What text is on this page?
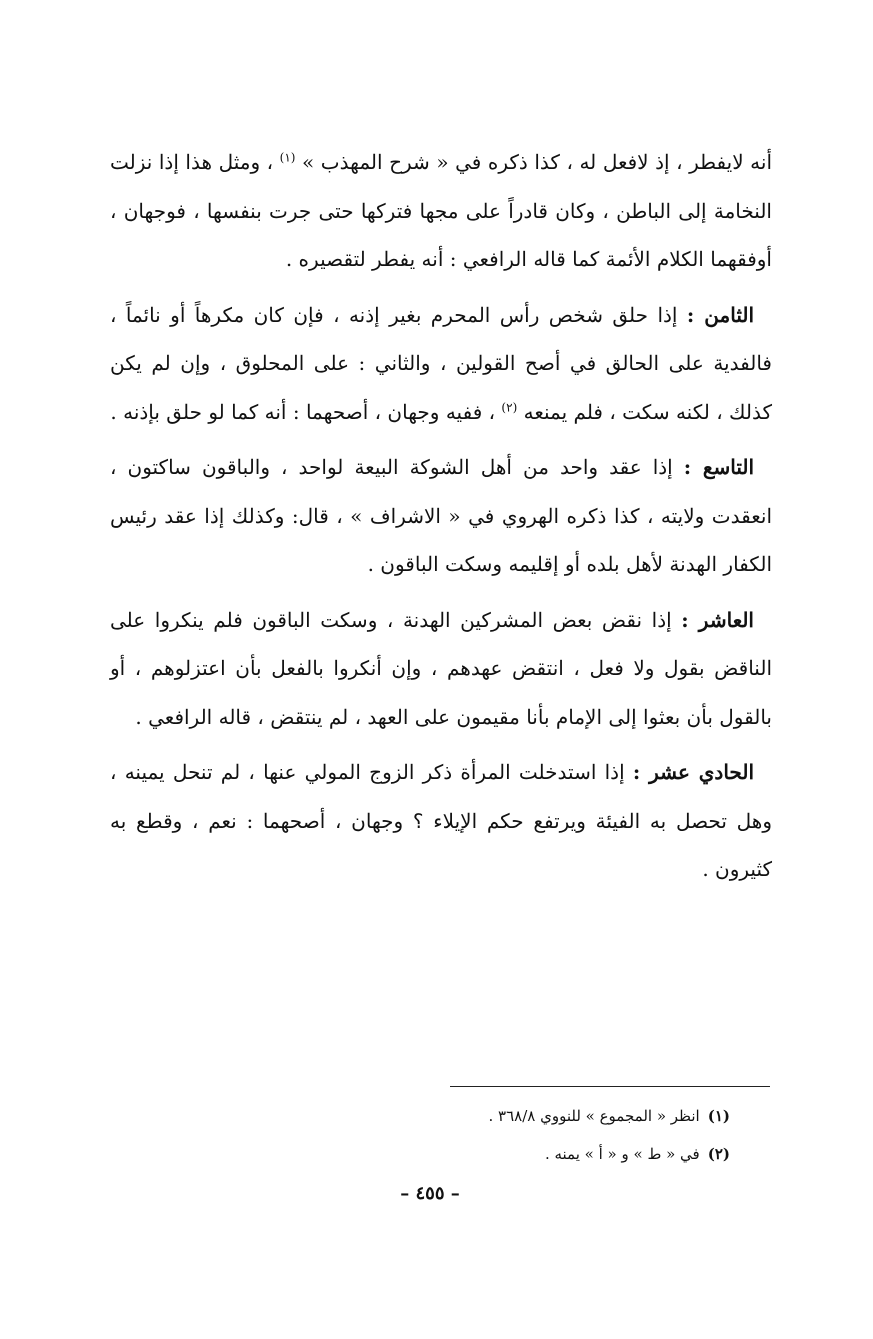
أنه لايفطر ، إذ لافعل له ، كذا ذكره في « شرح المهذب » $^{(١)}$ ، ومثل هذا إذا نزلت النخامة إلى الباطن ، وكان قادراً على مجها فتركها حتى جرت بنفسها ، فوجهان ، أوفقهما الكلام الأئمة كما قاله الرافعي : أنه يفطر لتقصيره .

الثامن : إذا حلق شخص رأس المحرم بغير إذنه ، فإن كان مكرهاً أو نائماً ، فالفدية على الحالق في أصح القولين ، والثاني : على المحلوق ، وإن لم يكن كذلك ، لكنه سكت ، فلم يمنعه $^{(٢)}$ ، ففيه وجهان ، أصحهما : أنه كما لو حلق بإذنه .

التاسع : إذا عقد واحد من أهل الشوكة البيعة لواحد ، والباقون ساكتون ، انعقدت ولايته ، كذا ذكره الهروي في « الاشراف » ، قال: وكذلك إذا عقد رئيس الكفار الهدنة لأهل بلده أو إقليمه وسكت الباقون .

العاشر : إذا نقض بعض المشركين الهدنة ، وسكت الباقون فلم ينكروا على الناقض بقول ولا فعل ، انتقض عهدهم ، وإن أنكروا بالفعل بأن اعتزلوهم ، أو بالقول بأن بعثوا إلى الإمام بأنا مقيمون على العهد ، لم ينتقض ، قاله الرافعي .

الحادي عشر : إذا استدخلت المرأة ذكر الزوج المولي عنها ، لم تنحل يمينه ، وهل تحصل به الفيئة ويرتفع حكم الإيلاء ؟ وجهان ، أصحهما : نعم ، وقطع به كثيرون .

(١)انظر « المجموع » للنووي ٣٦٨/٨ .
(٢)في « ط » و « أ » يمنه .
– ٤٥٥ –
